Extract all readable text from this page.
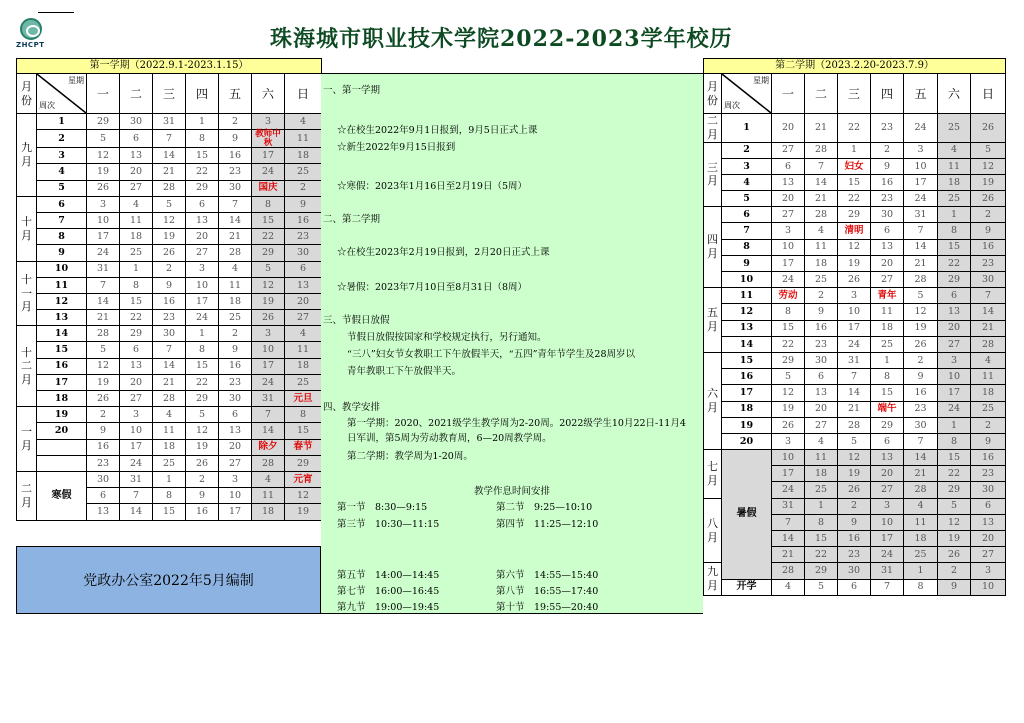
ZHCPT	珠海城市职业技术学院2022-2023学年校历
第一学期（2022.9.1-2023.1.15）								
月份	星期
周次	一	二	三	四	五	六	日
九月	1	29	30	31	1	2	3	4
	2	5	6	7	8	9	教师中秋	11
	3	12	13	14	15	16	17	18
	4	19	20	21	22	23	24	25
	5	26	27	28	29	30	国庆	2
十月	6	3	4	5	6	7	8	9
	7	10	11	12	13	14	15	16
	8	17	18	19	20	21	22	23
	9	24	25	26	27	28	29	30
十一月	10	31	1	2	3	4	5	6
	11	7	8	9	10	11	12	13
	12	14	15	16	17	18	19	20
	13	21	22	23	24	25	26	27
十二月	14	28	29	30	1	2	3	4
	15	5	6	7	8	9	10	11
	16	12	13	14	15	16	17	18
	17	19	20	21	22	23	24	25
	18	26	27	28	29	30	31	元旦
一月	19	2	3	4	5	6	7	8
	20	9	10	11	12	13	14	15
		16	17	18	19	20	除夕	春节
		23	24	25	26	27	28	29
二月	寒假	30	31	1	2	3	4	元宵
		6	7	8	9	10	11	12
		13	14	15	16	17	18	19
党政办公室2022年5月编制
一、第一学期
☆在校生2022年9月1日报到，9月5日正式上课
☆新生2022年9月15日报到
☆寒假：2023年1月16日至2月19日（5周）
二、第二学期
☆在校生2023年2月19日报到，2月20日正式上课
☆暑假：2023年7月10日至8月31日（8周）
三、节假日放假
节假日放假按国家和学校规定执行，另行通知。
“三八”妇女节女教职工下午放假半天，“五四”青年节学生及28周岁以
青年教职工下午放假半天。
四、教学安排
第一学期：2020、2021级学生教学周为2-20周。2022级学生10月22日-11月4
日军训，第5周为劳动教育周，6—20周教学周。
第二学期：教学周为1-20周。
教学作息时间安排
第一节　8:30—9:15	第二节　9:25—10:10
第三节　10:30—11:15	第四节　11:25—12:10
第五节　14:00—14:45	第六节　14:55—15:40
第七节　16:00—16:45	第八节　16:55—17:40
第九节　19:00—19:45	第十节　19:55—20:40
第二学期（2023.2.20-2023.7.9）								
月份	星期
周次	一	二	三	四	五	六	日
二月	1	20	21	22	23	24	25	26
三月	2	27	28	1	2	3	4	5
	3	6	7	妇女	9	10	11	12
	4	13	14	15	16	17	18	19
	5	20	21	22	23	24	25	26
四月	6	27	28	29	30	31	1	2
	7	3	4	清明	6	7	8	9
	8	10	11	12	13	14	15	16
	9	17	18	19	20	21	22	23
	10	24	25	26	27	28	29	30
五月	11	劳动	2	3	青年	5	6	7
	12	8	9	10	11	12	13	14
	13	15	16	17	18	19	20	21
	14	22	23	24	25	26	27	28
六月	15	29	30	31	1	2	3	4
	16	5	6	7	8	9	10	11
	17	12	13	14	15	16	17	18
	18	19	20	21	端午	23	24	25
	19	26	27	28	29	30	1	2
	20	3	4	5	6	7	8	9
七月	暑假	10	11	12	13	14	15	16
		17	18	19	20	21	22	23
		24	25	26	27	28	29	30
八月		31	1	2	3	4	5	6
		7	8	9	10	11	12	13
		14	15	16	17	18	19	20
		21	22	23	24	25	26	27
九月		28	29	30	31	1	2	3
	开学	4	5	6	7	8	9	10
